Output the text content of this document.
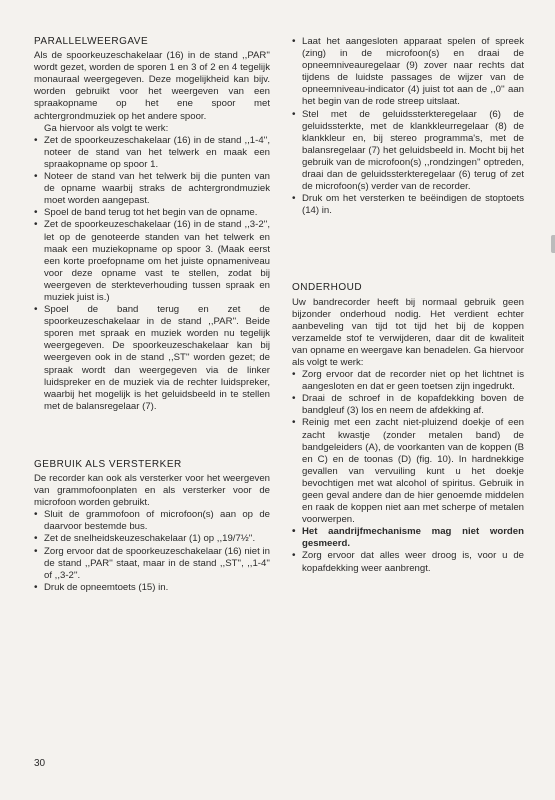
PARALLELWEERGAVE

Als de spoorkeuzeschakelaar (16) in de stand ,,PAR'' wordt gezet, worden de sporen 1 en 3 of 2 en 4 tegelijk monauraal weergegeven. Deze mogelijkheid kan bijv. worden gebruikt voor het weergeven van een spraakopname op het ene spoor met achtergrondmuziek op het andere spoor.

Ga hiervoor als volgt te werk:

• Zet de spoorkeuzeschakelaar (16) in de stand ,,1-4'', noteer de stand van het telwerk en maak een spraakopname op spoor 1.
• Noteer de stand van het telwerk bij die punten van de opname waarbij straks de achtergrondmuziek moet worden aangepast.
• Spoel de band terug tot het begin van de opname.
• Zet de spoorkeuzeschakelaar (16) in de stand ,,3-2'', let op de genoteerde standen van het telwerk en maak een muziekopname op spoor 3. (Maak eerst een korte proefopname om het juiste opnameniveau voor deze opname vast te stellen, zodat bij weergeven de sterkteverhouding tussen spraak en muziek juist is.)
• Spoel de band terug en zet de spoorkeuzeschakelaar in de stand ,,PAR''. Beide sporen met spraak en muziek worden nu tegelijk weergegeven. De spoorkeuzeschakelaar kan bij weergeven ook in de stand ,,ST'' worden gezet; de spraak wordt dan weergegeven via de linker luidspreker en de muziek via de rechter luidspreker, waarbij het mogelijk is het geluidsbeeld in te stellen met de balansregelaar (7).
GEBRUIK ALS VERSTERKER

De recorder kan ook als versterker voor het weergeven van grammofoonplaten en als versterker voor de microfoon worden gebruikt.

• Sluit de grammofoon of microfoon(s) aan op de daarvoor bestemde bus.
• Zet de snelheidskeuzeschakelaar (1) op ,,19/7½''.
• Zorg ervoor dat de spoorkeuzeschakelaar (16) niet in de stand ,,PAR'' staat, maar in de stand ,,ST'', ,,1-4'' of ,,3-2''.
• Druk de opneemtoets (15) in.
• Laat het aangesloten apparaat spelen of spreek (zing) in de microfoon(s) en draai de opneemniveauregelaar (9) zover naar rechts dat tijdens de luidste passages de wijzer van de opneemniveau-indicator (4) juist tot aan de ,,0'' aan het begin van de rode streep uitslaat.
• Stel met de geluidssterkteregelaar (6) de geluidssterkte, met de klankkleurregelaar (8) de klankkleur en, bij stereo programma's, met de balansregelaar (7) het geluidsbeeld in. Mocht bij het gebruik van de microfoon(s) ,,rondzingen'' optreden, draai dan de geluidssterkteregelaar (6) terug of zet de microfoon(s) verder van de recorder.
• Druk om het versterken te beëindigen de stoptoets (14) in.
ONDERHOUD

Uw bandrecorder heeft bij normaal gebruik geen bijzonder onderhoud nodig. Het verdient echter aanbeveling van tijd tot tijd het bij de koppen verzamelde stof te verwijderen, daar dit de kwaliteit van opname en weergave kan benadelen. Ga hiervoor als volgt te werk:

• Zorg ervoor dat de recorder niet op het lichtnet is aangesloten en dat er geen toetsen zijn ingedrukt.
• Draai de schroef in de kopafdekking boven de bandgleuf (3) los en neem de afdekking af.
• Reinig met een zacht niet-pluizend doekje of een zacht kwastje (zonder metalen band) de bandgeleiders (A), de voorkanten van de koppen (B en C) en de toonas (D) (fig. 10). In hardnekkige gevallen van vervuiling kunt u het doekje bevochtigen met wat alcohol of spiritus. Gebruik in geen geval andere dan de hier genoemde middelen en raak de koppen niet aan met scherpe of metalen voorwerpen.
• Het aandrijfmechanisme mag niet worden gesmeerd.
• Zorg ervoor dat alles weer droog is, voor u de kopafdekking weer aanbrengt.
30
